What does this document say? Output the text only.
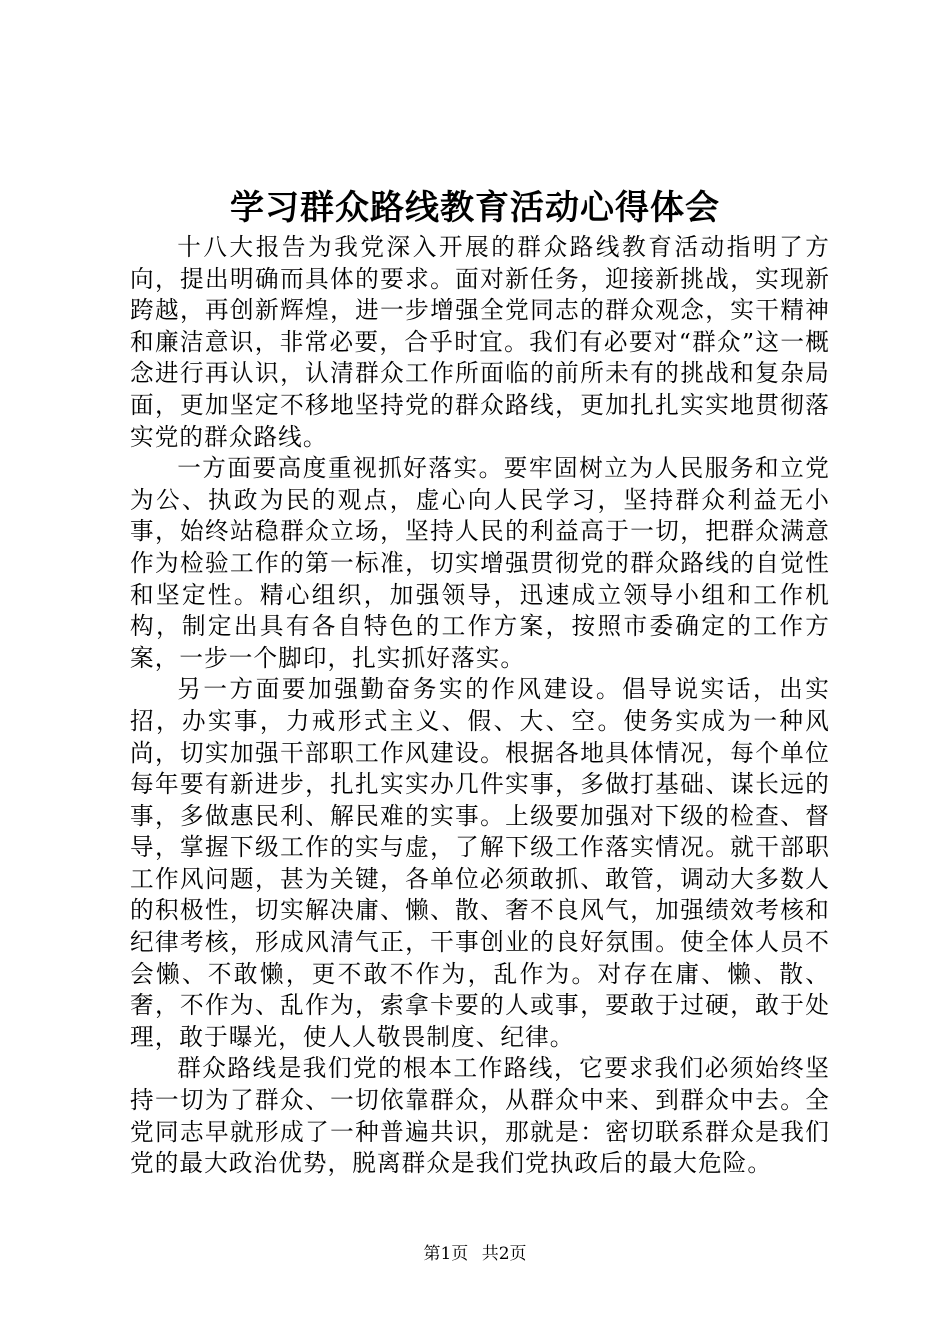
学习群众路线教育活动心得体会

十八大报告为我党深入开展的群众路线教育活动指明了方向，提出明确而具体的要求。面对新任务，迎接新挑战，实现新跨越，再创新辉煌，进一步增强全党同志的群众观念，实干精神和廉洁意识，非常必要，合乎时宜。我们有必要对“群众”这一概念进行再认识，认清群众工作所面临的前所未有的挑战和复杂局面，更加坚定不移地坚持党的群众路线，更加扎扎实实地贯彻落实党的群众路线。

一方面要高度重视抓好落实。要牢固树立为人民服务和立党为公、执政为民的观点，虚心向人民学习，坚持群众利益无小事，始终站稳群众立场，坚持人民的利益高于一切，把群众满意作为检验工作的第一标准，切实增强贯彻党的群众路线的自觉性和坚定性。精心组织，加强领导，迅速成立领导小组和工作机构，制定出具有各自特色的工作方案，按照市委确定的工作方案，一步一个脚印，扎实抓好落实。

另一方面要加强勤奋务实的作风建设。倡导说实话，出实招，办实事，力戒形式主义、假、大、空。使务实成为一种风尚，切实加强干部职工作风建设。根据各地具体情况，每个单位每年要有新进步，扎扎实实办几件实事，多做打基础、谋长远的事，多做惠民利、解民难的实事。上级要加强对下级的检查、督导，掌握下级工作的实与虚，了解下级工作落实情况。就干部职工作风问题，甚为关键，各单位必须敢抓、敢管，调动大多数人的积极性，切实解决庸、懒、散、奢不良风气，加强绩效考核和纪律考核，形成风清气正，干事创业的良好氛围。使全体人员不会懒、不敢懒，更不敢不作为，乱作为。对存在庸、懒、散、奢，不作为、乱作为，索拿卡要的人或事，要敢于过硬，敢于处理，敢于曝光，使人人敬畏制度、纪律。

群众路线是我们党的根本工作路线，它要求我们必须始终坚持一切为了群众、一切依靠群众，从群众中来、到群众中去。全党同志早就形成了一种普遍共识，那就是：密切联系群众是我们党的最大政治优势，脱离群众是我们党执政后的最大危险。

第1页 共2页
